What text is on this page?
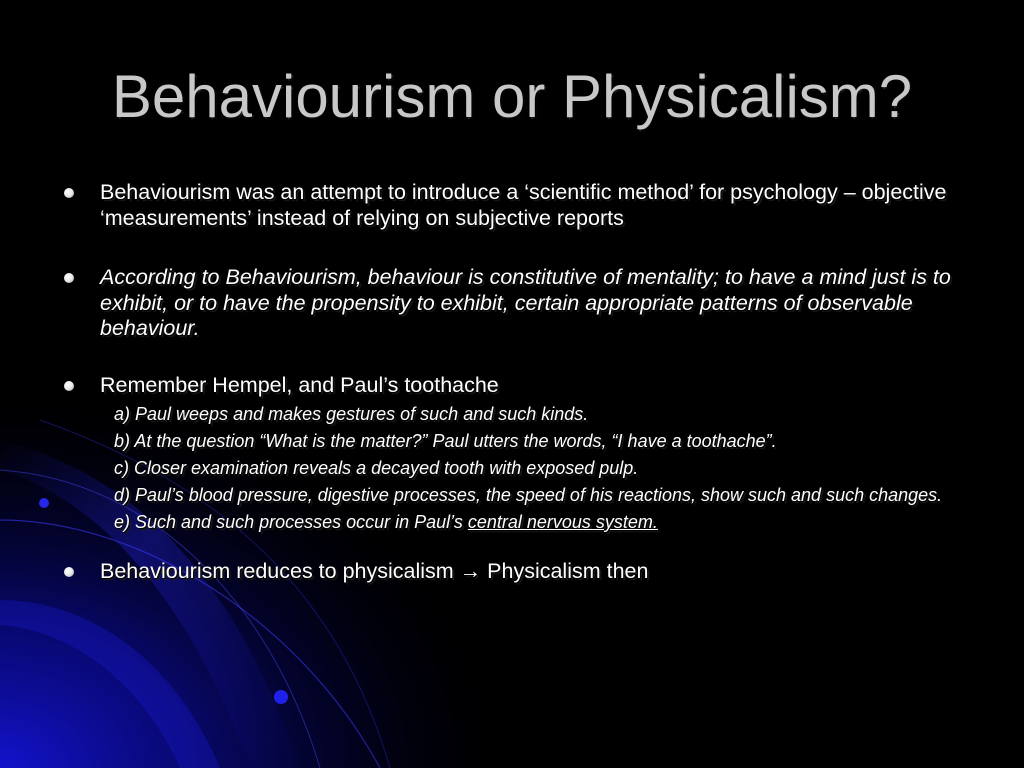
Behaviourism or Physicalism?
Behaviourism was an attempt to introduce a ‘scientific method’ for psychology – objective ‘measurements’ instead of relying on subjective reports
According to Behaviourism, behaviour is constitutive of mentality; to have a mind just is to exhibit, or to have the propensity to exhibit, certain appropriate patterns of observable behaviour.
Remember Hempel, and Paul’s toothache
a) Paul weeps and makes gestures of such and such kinds.
b) At the question “What is the matter?” Paul utters the words, “I have a toothache”.
c) Closer examination reveals a decayed tooth with exposed pulp.
d) Paul’s blood pressure, digestive processes, the speed of his reactions, show such and such changes.
e) Such and such processes occur in Paul’s central nervous system.
Behaviourism reduces to physicalism → Physicalism then
